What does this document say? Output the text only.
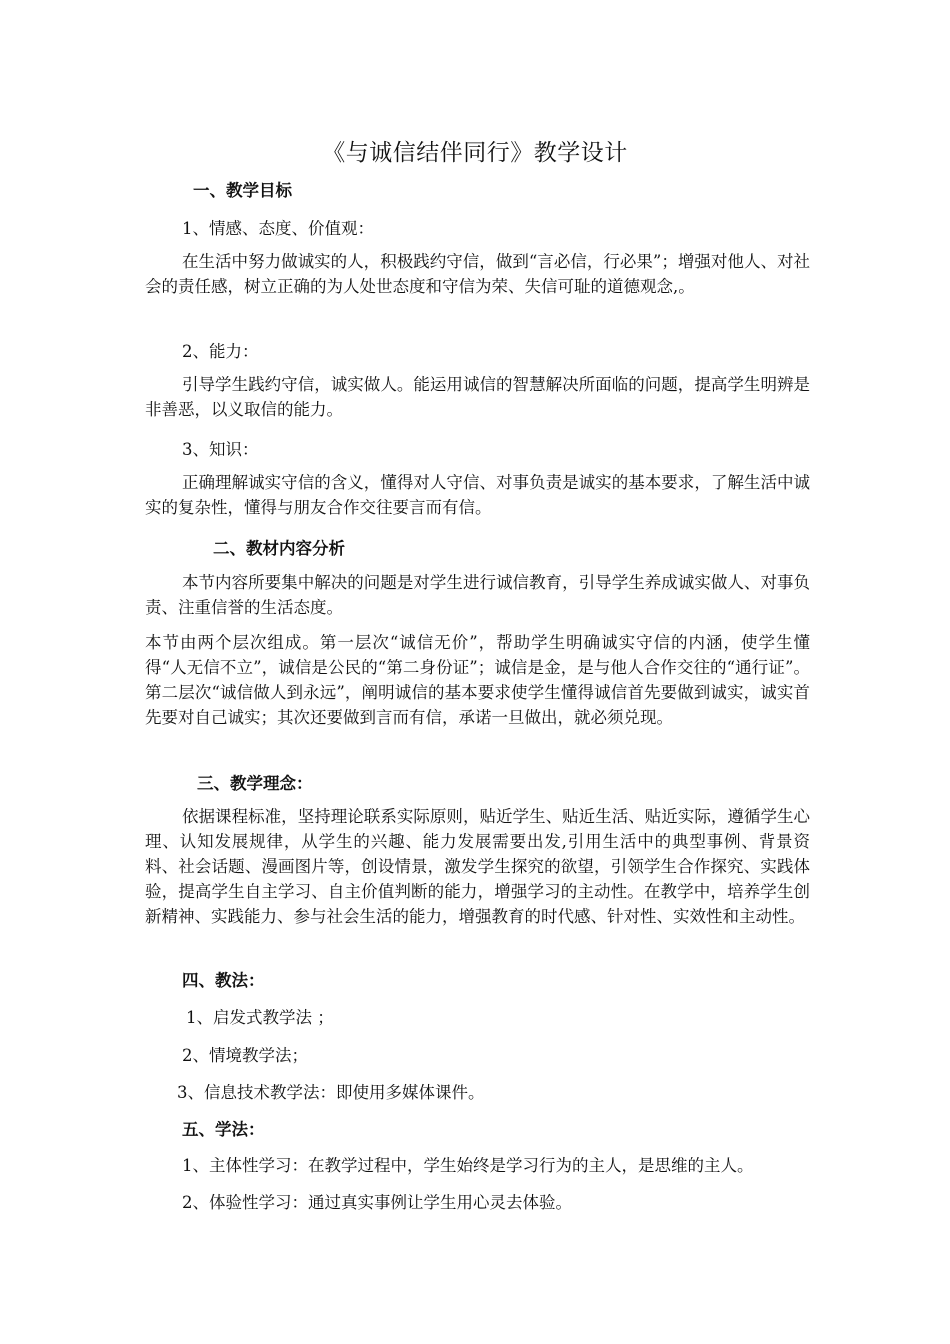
《与诚信结伴同行》教学设计
一、教学目标
1、情感、态度、价值观：
在生活中努力做诚实的人，积极践约守信，做到“言必信，行必果”；增强对他人、对社会的责任感，树立正确的为人处世态度和守信为荣、失信可耻的道德观念,。
2、能力：
引导学生践约守信，诚实做人。能运用诚信的智慧解决所面临的问题，提高学生明辨是非善恶，以义取信的能力。
3、知识：
正确理解诚实守信的含义，懂得对人守信、对事负责是诚实的基本要求，了解生活中诚实的复杂性，懂得与朋友合作交往要言而有信。
二、教材内容分析
本节内容所要集中解决的问题是对学生进行诚信教育，引导学生养成诚实做人、对事负责、注重信誉的生活态度。
本节由两个层次组成。第一层次“诚信无价”，帮助学生明确诚实守信的内涵，使学生懂得“人无信不立”，诚信是公民的“第二身份证”；诚信是金，是与他人合作交往的“通行证”。第二层次“诚信做人到永远”，阐明诚信的基本要求使学生懂得诚信首先要做到诚实，诚实首先要对自己诚实；其次还要做到言而有信，承诺一旦做出，就必须兑现。
三、教学理念：
依据课程标准，坚持理论联系实际原则，贴近学生、贴近生活、贴近实际，遵循学生心理、认知发展规律，从学生的兴趣、能力发展需要出发,引用生活中的典型事例、背景资料、社会话题、漫画图片等，创设情景，激发学生探究的欲望，引领学生合作探究、实践体验，提高学生自主学习、自主价值判断的能力，增强学习的主动性。在教学中，培养学生创新精神、实践能力、参与社会生活的能力，增强教育的时代感、针对性、实效性和主动性。
四、教法：
1、启发式教学法 ；
2、情境教学法；
3、信息技术教学法：即使用多媒体课件。
五、学法：
1、主体性学习：在教学过程中，学生始终是学习行为的主人，是思维的主人。
2、体验性学习：通过真实事例让学生用心灵去体验。
